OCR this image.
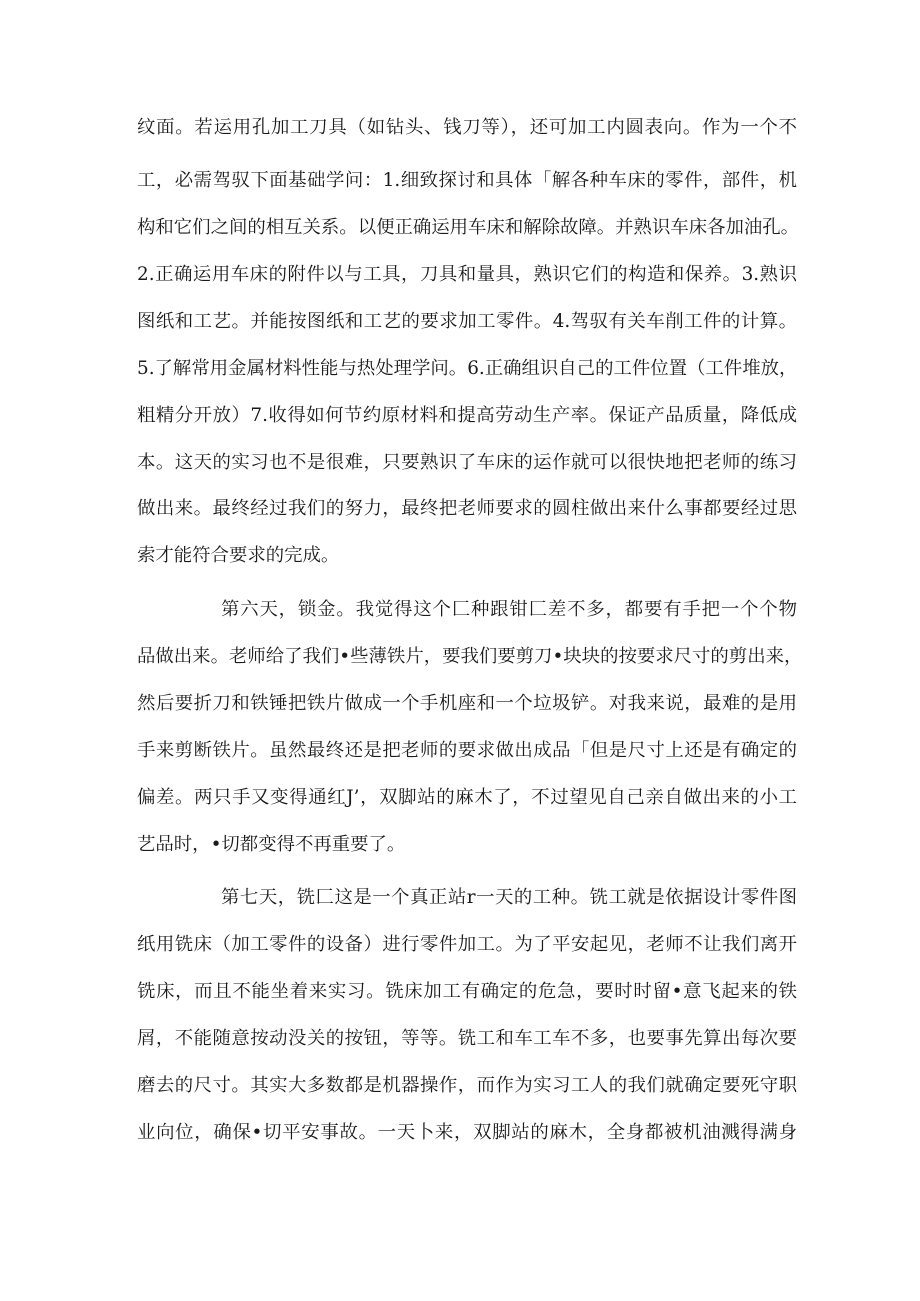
纹面。若运用孔加工刀具（如钻头、钱刀等），还可加工内圆表向。作为一个不
工，必需驾驭下面基础学问：1.细致探讨和具体「解各种车床的零件，部件，机
构和它们之间的相互关系。以便正确运用车床和解除故障。并熟识车床各加油孔。
2.正确运用车床的附件以与工具，刀具和量具，熟识它们的构造和保养。3.熟识
图纸和工艺。并能按图纸和工艺的要求加工零件。4.驾驭有关车削工件的计算。
5.了解常用金属材料性能与热处理学问。6.正确组识自己的工件位置（工件堆放，
粗精分开放）7.收得如何节约原材料和提高劳动生产率。保证产品质量，降低成
本。这天的实习也不是很难，只要熟识了车床的运作就可以很快地把老师的练习
做出来。最终经过我们的努力，最终把老师要求的圆柱做出来什么事都要经过思
索才能符合要求的完成。
第六天，锁金。我觉得这个匚种跟钳匚差不多，都要有手把一个个物
品做出来。老师给了我们•些薄铁片，要我们要剪刀•块块的按要求尺寸的剪出来，
然后要折刀和铁锤把铁片做成一个手机座和一个垃圾铲。对我来说，最难的是用
手来剪断铁片。虽然最终还是把老师的要求做出成品「但是尺寸上还是有确定的
偏差。两只手又变得通红J’，双脚站的麻木了，不过望见自己亲自做出来的小工
艺品时，•切都变得不再重要了。
第七天，铣匚这是一个真正站r一天的工种。铣工就是依据设计零件图
纸用铣床（加工零件的设备）进行零件加工。为了平安起见，老师不让我们离开
铣床，而且不能坐着来实习。铣床加工有确定的危急，要时时留•意飞起来的铁
屑，不能随意按动没关的按钮，等等。铣工和车工车不多，也要事先算出每次要
磨去的尺寸。其实大多数都是机器操作，而作为实习工人的我们就确定要死守职
业向位，确保•切平安事故。一天卜来，双脚站的麻木，全身都被机油溅得满身
